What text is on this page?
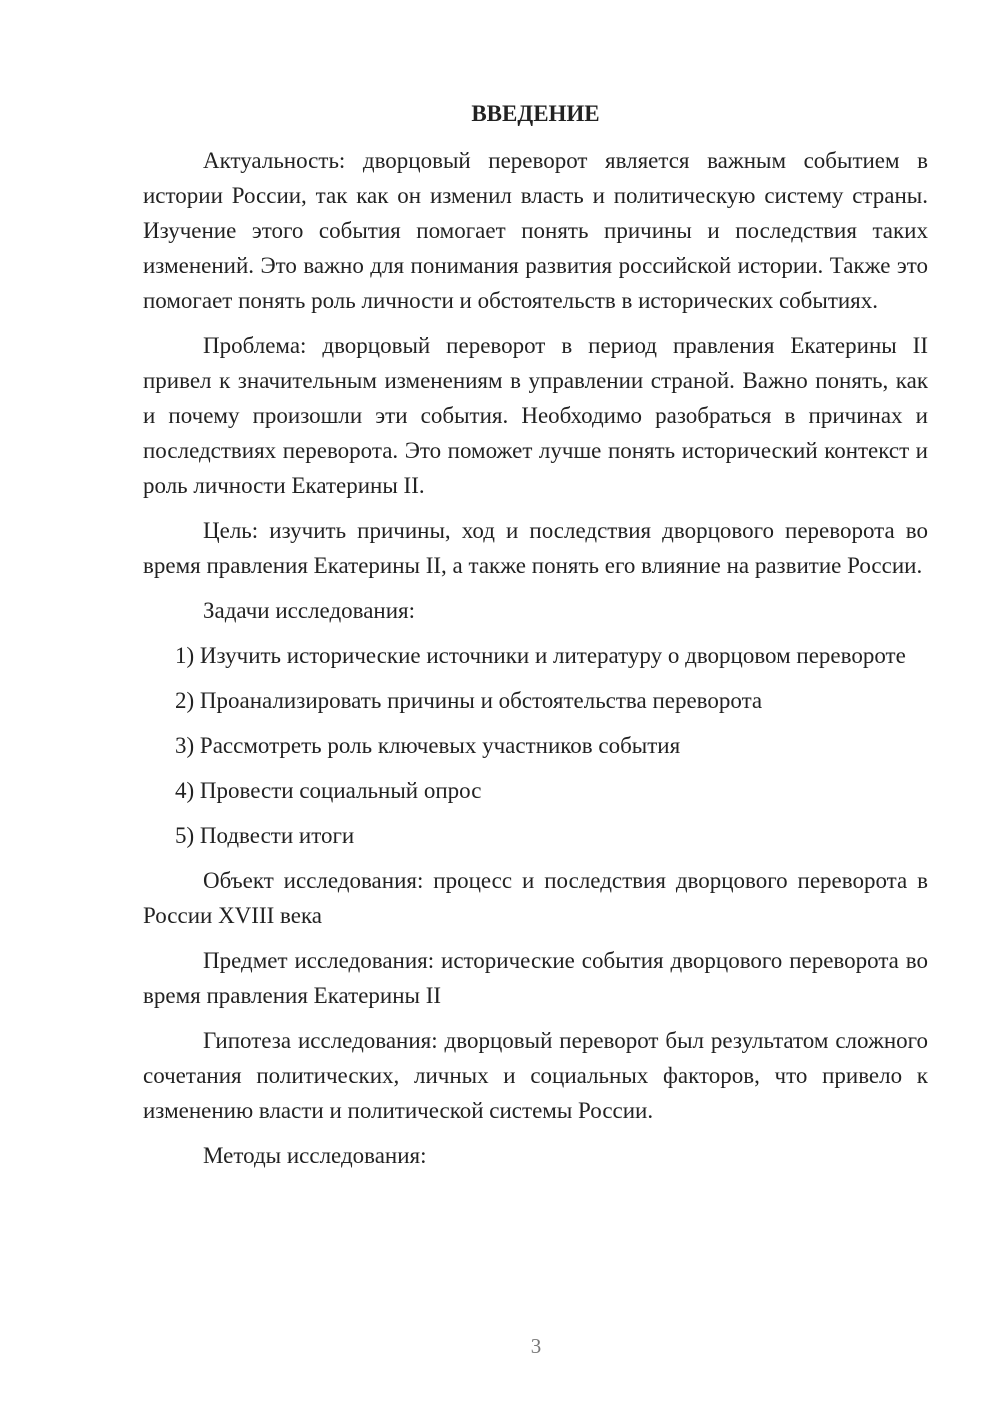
ВВЕДЕНИЕ

Актуальность: дворцовый переворот является важным событием в истории России, так как он изменил власть и политическую систему страны. Изучение этого события помогает понять причины и последствия таких изменений. Это важно для понимания развития российской истории. Также это помогает понять роль личности и обстоятельств в исторических событиях.

Проблема: дворцовый переворот в период правления Екатерины II привел к значительным изменениям в управлении страной. Важно понять, как и почему произошли эти события. Необходимо разобраться в причинах и последствиях переворота. Это поможет лучше понять исторический контекст и роль личности Екатерины II.

Цель: изучить причины, ход и последствия дворцового переворота во время правления Екатерины II, а также понять его влияние на развитие России.

Задачи исследования:

1) Изучить исторические источники и литературу о дворцовом перевороте
2) Проанализировать причины и обстоятельства переворота
3) Рассмотреть роль ключевых участников события
4) Провести социальный опрос
5) Подвести итоги

Объект исследования: процесс и последствия дворцового переворота в России XVIII века

Предмет исследования: исторические события дворцового переворота во время правления Екатерины II

Гипотеза исследования: дворцовый переворот был результатом сложного сочетания политических, личных и социальных факторов, что привело к изменению власти и политической системы России.

Методы исследования:

3
